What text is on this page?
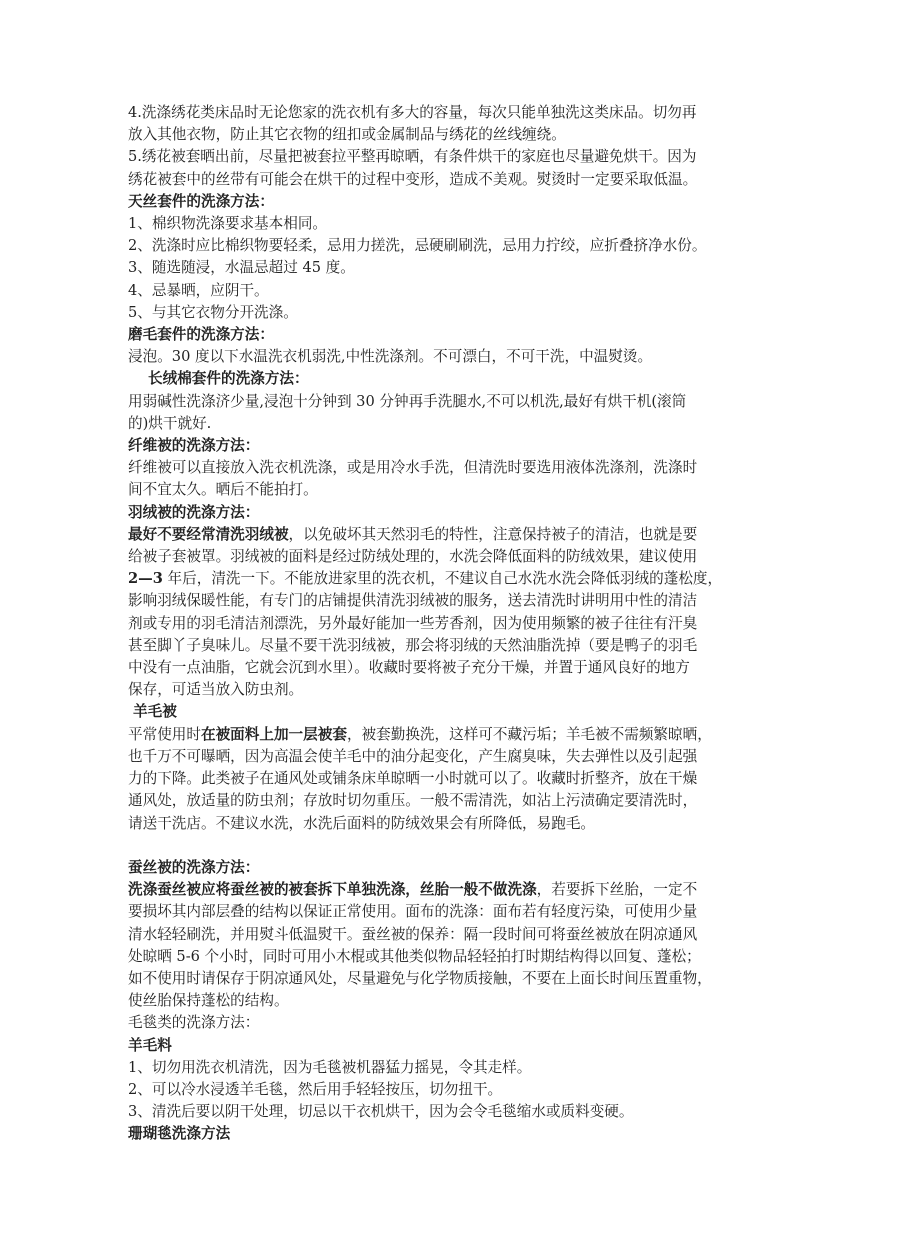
4.洗涤绣花类床品时无论您家的洗衣机有多大的容量，每次只能单独洗这类床品。切勿再

放入其他衣物，防止其它衣物的纽扣或金属制品与绣花的丝线缠绕。

5.绣花被套晒出前，尽量把被套拉平整再晾晒，有条件烘干的家庭也尽量避免烘干。因为

绣花被套中的丝带有可能会在烘干的过程中变形，造成不美观。熨烫时一定要采取低温。

天丝套件的洗涤方法：

1、棉织物洗涤要求基本相同。

2、洗涤时应比棉织物要轻柔，忌用力搓洗，忌硬刷刷洗，忌用力拧绞，应折叠挤净水份。

3、随选随浸，水温忌超过 45 度。

4、忌暴晒，应阴干。

5、与其它衣物分开洗涤。

磨毛套件的洗涤方法：

浸泡。30 度以下水温洗衣机弱洗,中性洗涤剂。不可漂白，不可干洗，中温熨烫。

长绒棉套件的洗涤方法：

用弱碱性洗涤济少量,浸泡十分钟到 30 分钟再手洗腿水,不可以机洗,最好有烘干机(滚筒

的)烘干就好.

纤维被的洗涤方法：

纤维被可以直接放入洗衣机洗涤，或是用冷水手洗，但清洗时要选用液体洗涤剂，洗涤时

间不宜太久。晒后不能拍打。

羽绒被的洗涤方法：

最好不要经常清洗羽绒被，以免破坏其天然羽毛的特性，注意保持被子的清洁，也就是要

给被子套被罩。羽绒被的面料是经过防绒处理的，水洗会降低面料的防绒效果，建议使用

2—3 年后，清洗一下。不能放进家里的洗衣机，不建议自己水洗水洗会降低羽绒的蓬松度，

影响羽绒保暖性能，有专门的店铺提供清洗羽绒被的服务，送去清洗时讲明用中性的清洁

剂或专用的羽毛清洁剂漂洗，另外最好能加一些芳香剂，因为使用频繁的被子往往有汗臭

甚至脚丫子臭味儿。尽量不要干洗羽绒被，那会将羽绒的天然油脂洗掉（要是鸭子的羽毛

中没有一点油脂，它就会沉到水里）。收藏时要将被子充分干燥，并置于通风良好的地方

保存，可适当放入防虫剂。

羊毛被

平常使用时在被面料上加一层被套，被套勤换洗，这样可不藏污垢；羊毛被不需频繁晾晒，

也千万不可曝晒，因为高温会使羊毛中的油分起变化，产生腐臭味，失去弹性以及引起强

力的下降。此类被子在通风处或铺条床单晾晒一小时就可以了。收藏时折整齐，放在干燥

通风处，放适量的防虫剂；存放时切勿重压。一般不需清洗，如沾上污渍确定要清洗时，

请送干洗店。不建议水洗，水洗后面料的防绒效果会有所降低，易跑毛。

蚕丝被的洗涤方法：

洗涤蚕丝被应将蚕丝被的被套拆下单独洗涤，丝胎一般不做洗涤，若要拆下丝胎，一定不

要损坏其内部层叠的结构以保证正常使用。面布的洗涤：面布若有轻度污染，可使用少量

清水轻轻刷洗，并用熨斗低温熨干。蚕丝被的保养：隔一段时间可将蚕丝被放在阴凉通风

处晾晒 5-6 个小时，同时可用小木棍或其他类似物品轻轻拍打时期结构得以回复、蓬松；

如不使用时请保存于阴凉通风处，尽量避免与化学物质接触，不要在上面长时间压置重物，

使丝胎保持蓬松的结构。

毛毯类的洗涤方法：

羊毛料

1、切勿用洗衣机清洗，因为毛毯被机器猛力摇晃，令其走样。

2、可以冷水浸透羊毛毯，然后用手轻轻按压，切勿扭干。

3、清洗后要以阴干处理，切忌以干衣机烘干，因为会令毛毯缩水或质料变硬。

珊瑚毯洗涤方法
